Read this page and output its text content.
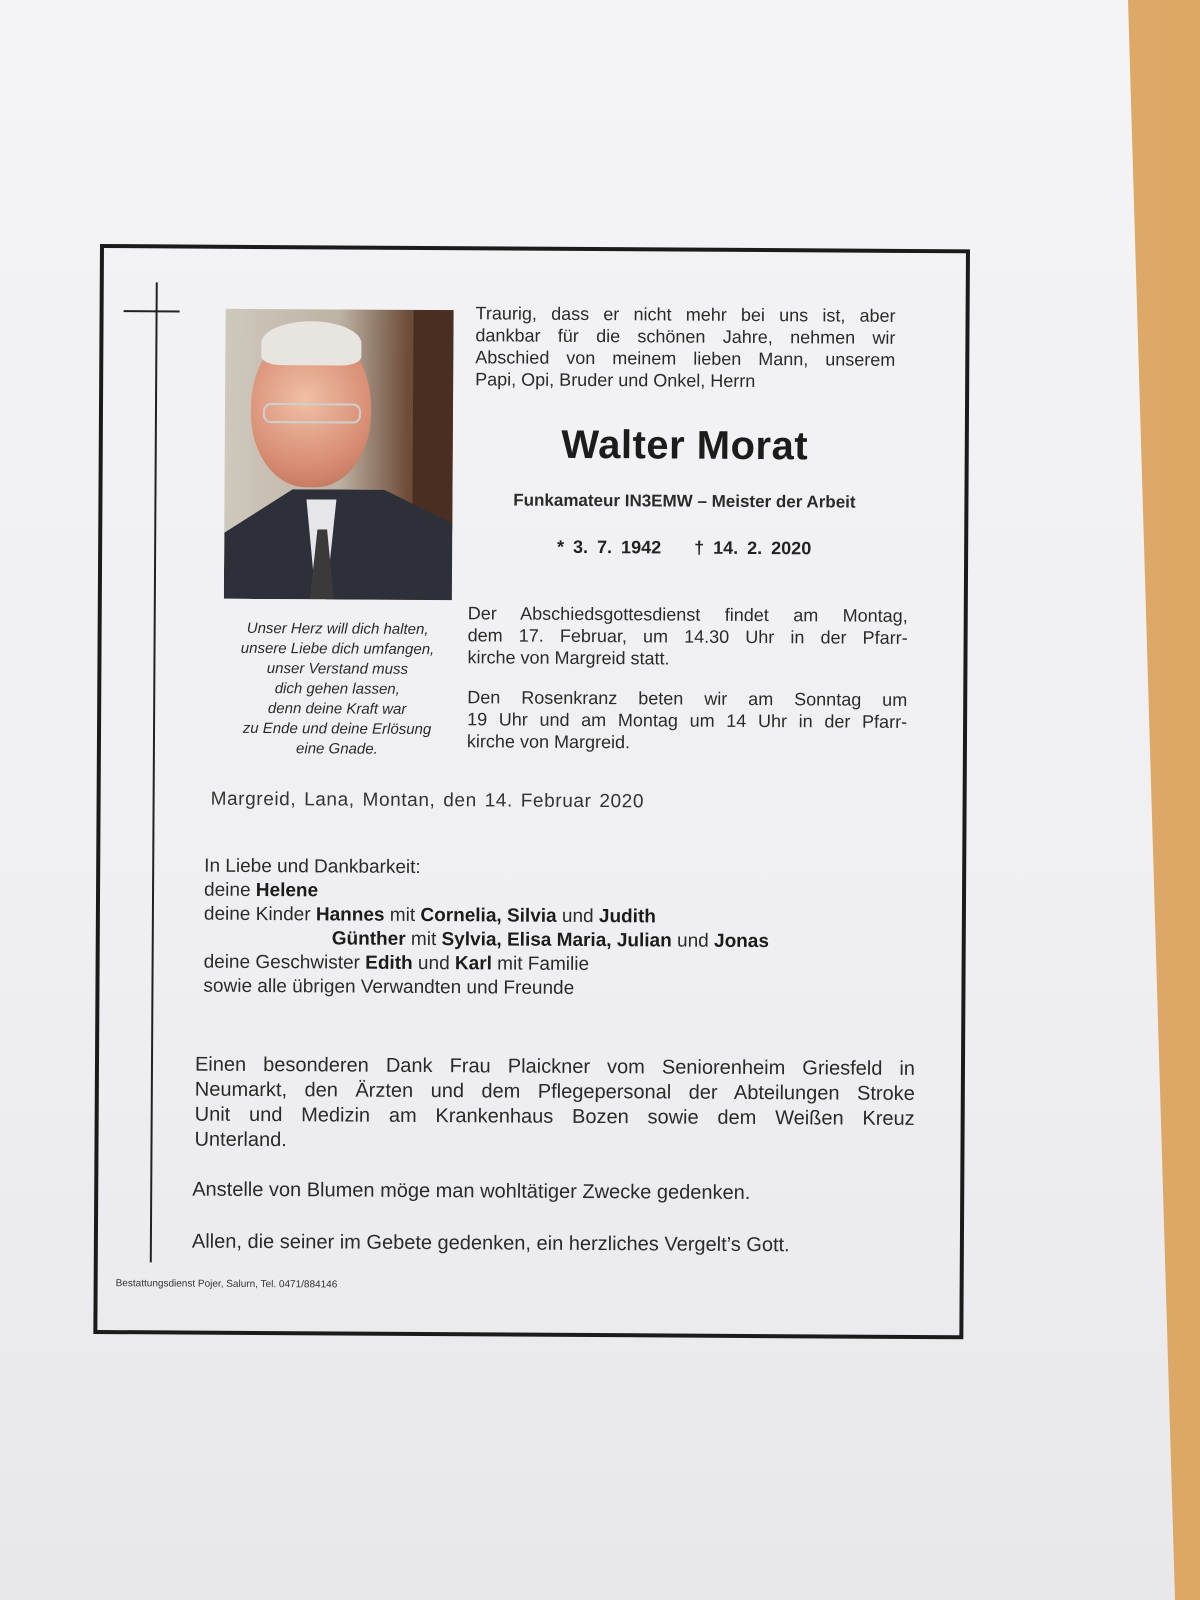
Unser Herz will dich halten,
unsere Liebe dich umfangen,
unser Verstand muss
dich gehen lassen,
denn deine Kraft war
zu Ende und deine Erlösung
eine Gnade.
Traurig, dass er nicht mehr bei uns ist, aber
dankbar für die schönen Jahre, nehmen wir
Abschied von meinem lieben Mann, unserem
Papi, Opi, Bruder und Onkel, Herrn
Walter Morat
Funkamateur IN3EMW – Meister der Arbeit
* 3. 7. 1942 † 14. 2. 2020
Der Abschiedsgottesdienst findet am Montag,
dem 17. Februar, um 14.30 Uhr in der Pfarr-
kirche von Margreid statt.
Den Rosenkranz beten wir am Sonntag um
19 Uhr und am Montag um 14 Uhr in der Pfarr-
kirche von Margreid.
Margreid, Lana, Montan, den 14. Februar 2020
In Liebe und Dankbarkeit:
deine Helene
deine Kinder Hannes mit Cornelia, Silvia und Judith
Günther mit Sylvia, Elisa Maria, Julian und Jonas
deine Geschwister Edith und Karl mit Familie
sowie alle übrigen Verwandten und Freunde
Einen besonderen Dank Frau Plaickner vom Seniorenheim Griesfeld in
Neumarkt, den Ärzten und dem Pflegepersonal der Abteilungen Stroke
Unit und Medizin am Krankenhaus Bozen sowie dem Weißen Kreuz
Unterland.
Anstelle von Blumen möge man wohltätiger Zwecke gedenken.
Allen, die seiner im Gebete gedenken, ein herzliches Vergelt’s Gott.
Bestattungsdienst Pojer, Salurn, Tel. 0471/884146
